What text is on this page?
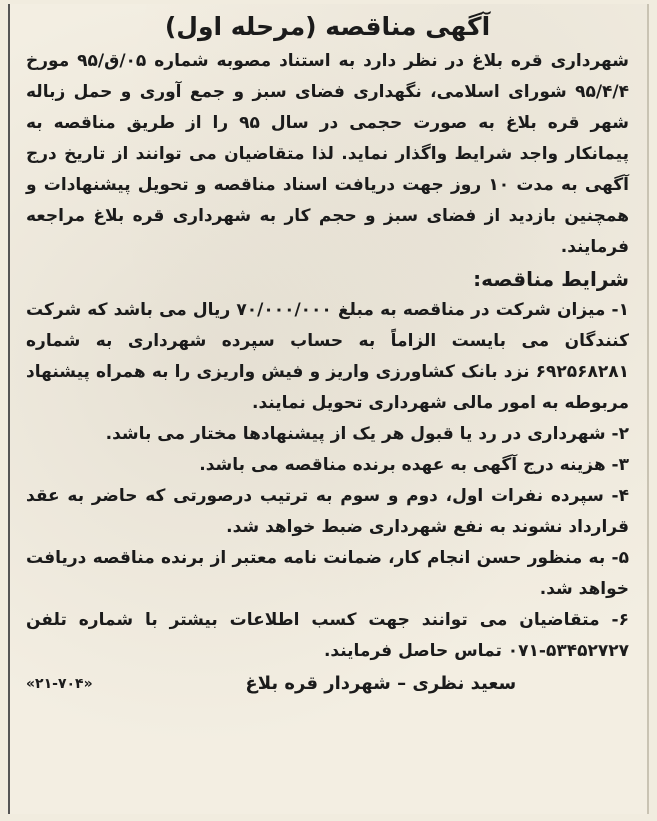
آگهی مناقصه (مرحله اول)

شهرداری قره بلاغ در نظر دارد به استناد مصوبه شماره ۰۵/ق/۹۵ مورخ ۹۵/۴/۴ شورای اسلامی، نگهداری فضای سبز و جمع آوری و حمل زباله شهر قره بلاغ به صورت حجمی در سال ۹۵ را از طریق مناقصه به پیمانکار واجد شرایط واگذار نماید. لذا متقاضیان می توانند از تاریخ درج آگهی به مدت ۱۰ روز جهت دریافت اسناد مناقصه و تحویل پیشنهادات و همچنین بازدید از فضای سبز و حجم کار به شهرداری قره بلاغ مراجعه فرمایند.

شرایط مناقصه:

۱- میزان شرکت در مناقصه به مبلغ ۷۰/۰۰۰/۰۰۰ ریال می باشد که شرکت کنندگان می بایست الزاماً به حساب سپرده شهرداری به شماره ۶۹۲۵۶۸۲۸۱ نزد بانک کشاورزی واریز و فیش واریزی را به همراه پیشنهاد مربوطه به امور مالی شهرداری تحویل نمایند.

۲- شهرداری در رد یا قبول هر یک از پیشنهادها مختار می باشد.

۳- هزینه درج آگهی به عهده برنده مناقصه می باشد.

۴- سپرده نفرات اول، دوم و سوم به ترتیب درصورتی که حاضر به عقد قرارداد نشوند به نفع شهرداری ضبط خواهد شد.

۵- به منظور حسن انجام کار، ضمانت نامه معتبر از برنده مناقصه دریافت خواهد شد.

۶- متقاضیان می توانند جهت کسب اطلاعات بیشتر با شماره تلفن ۵۳۴۵۲۷۲۷-۰۷۱ تماس حاصل فرمایند.

سعید نظری – شهردار قره بلاغ
«۲۱-۷۰۴»
